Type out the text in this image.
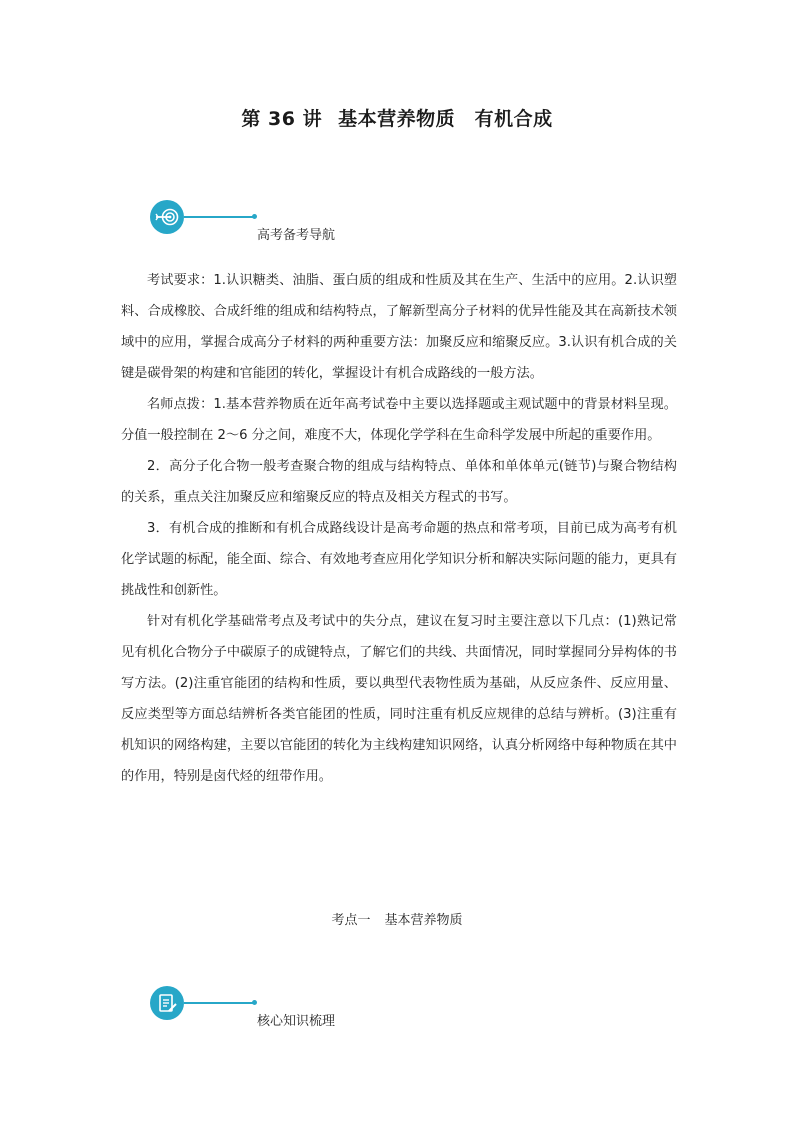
第 36 讲 基本营养物质　有机合成
高考备考导航

考试要求：1.认识糖类、油脂、蛋白质的组成和性质及其在生产、生活中的应用。2.认识塑料、合成橡胶、合成纤维的组成和结构特点，了解新型高分子材料的优异性能及其在高新技术领域中的应用，掌握合成高分子材料的两种重要方法：加聚反应和缩聚反应。3.认识有机合成的关键是碳骨架的构建和官能团的转化，掌握设计有机合成路线的一般方法。

名师点拨：1.基本营养物质在近年高考试卷中主要以选择题或主观试题中的背景材料呈现。分值一般控制在 2～6 分之间，难度不大，体现化学学科在生命科学发展中所起的重要作用。

2．高分子化合物一般考查聚合物的组成与结构特点、单体和单体单元(链节)与聚合物结构的关系，重点关注加聚反应和缩聚反应的特点及相关方程式的书写。

3．有机合成的推断和有机合成路线设计是高考命题的热点和常考项，目前已成为高考有机化学试题的标配，能全面、综合、有效地考查应用化学知识分析和解决实际问题的能力，更具有挑战性和创新性。

针对有机化学基础常考点及考试中的失分点，建议在复习时主要注意以下几点：(1)熟记常见有机化合物分子中碳原子的成键特点，了解它们的共线、共面情况，同时掌握同分异构体的书写方法。(2)注重官能团的结构和性质，要以典型代表物性质为基础，从反应条件、反应用量、反应类型等方面总结辨析各类官能团的性质，同时注重有机反应规律的总结与辨析。(3)注重有机知识的网络构建，主要以官能团的转化为主线构建知识网络，认真分析网络中每种物质在其中的作用，特别是卤代烃的纽带作用。

考点一 基本营养物质
核心知识梳理
